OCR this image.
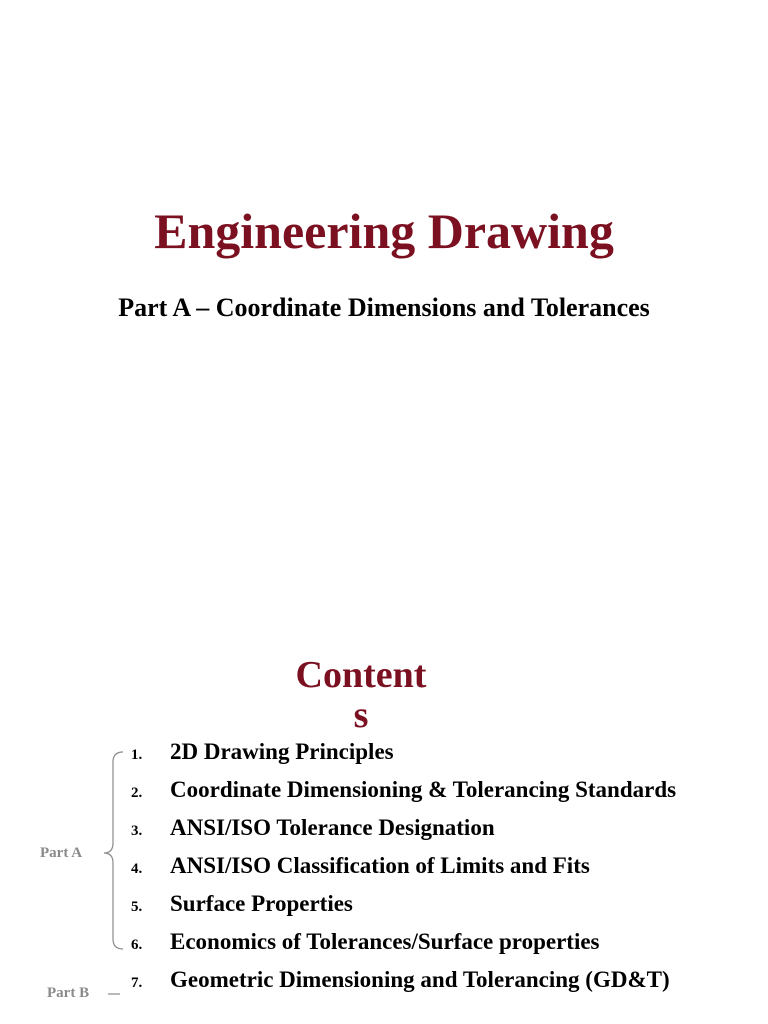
Engineering Drawing
Part A – Coordinate Dimensions and Tolerances
Contents
1.	2D Drawing Principles
2.	Coordinate Dimensioning & Tolerancing Standards
3.	ANSI/ISO Tolerance Designation
4.	ANSI/ISO Classification of Limits and Fits
5.	Surface Properties
6.	Economics of Tolerances/Surface properties
7.	Geometric Dimensioning and Tolerancing (GD&T)
Part A
Part B
